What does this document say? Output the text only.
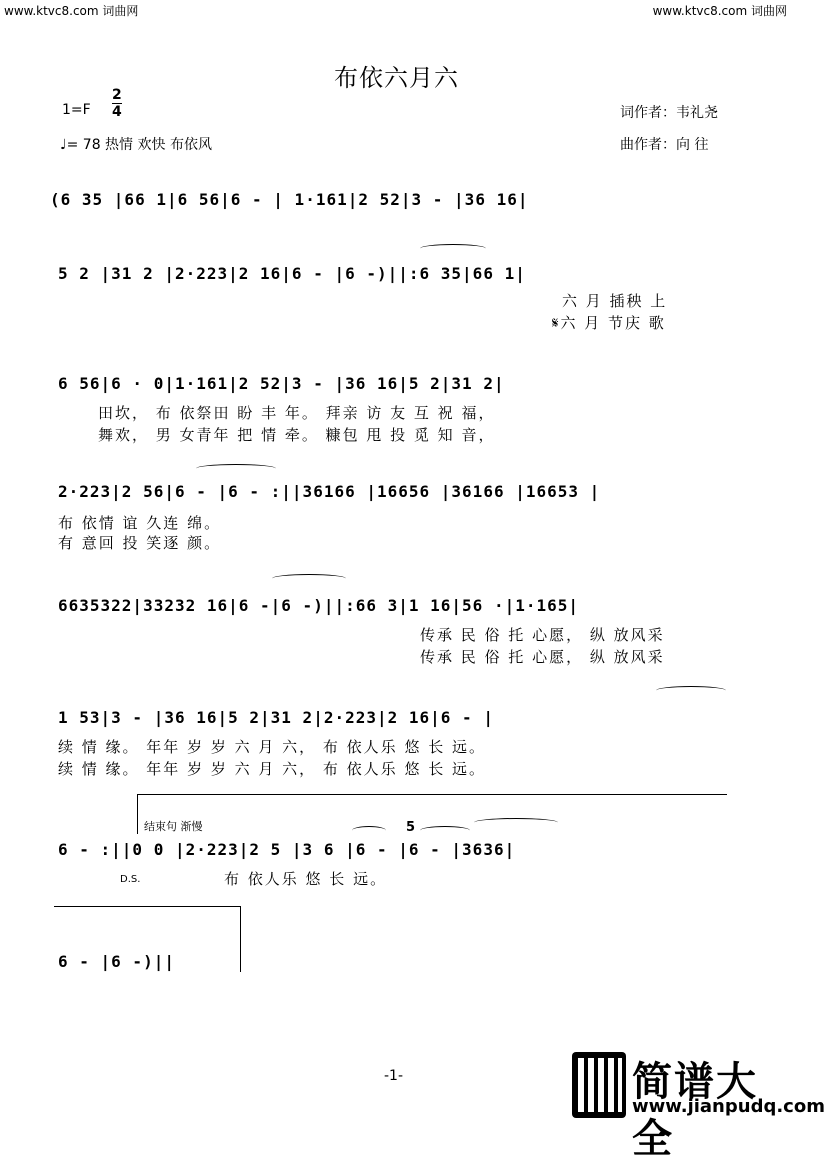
www.ktvc8.com 词曲网	www.ktvc8.com 词曲网
布依六月六
1=F
2
4
♩= 78 热情 欢快 布依风
词作者：韦礼尧
曲作者：向 往
(6 35 |66 1|6 56|6 - | 1·161|2 52|3 - |36 16|
5 2 |31 2 |2·223|2 16|6 - |6 -)||:6 35|66 1|
六 月 插秧 上
𝄋六 月 节庆 歌
6 56|6 · 0|1·161|2 52|3 - |36 16|5 2|31 2|
田坎， 布 依祭田 盼 丰 年。 拜亲 访 友 互 祝 福，
舞欢， 男 女青年 把 情 牵。 糠包 甩 投 觅 知 音，
2·223|2 56|6 - |6 - :||36166 |16656 |36166 |16653 |
布 依情 谊 久连 绵。
有 意回 投 笑逐 颜。
6635322|33232 16|6 -|6 -)||:66 3|1 16|56 ·|1·165|
传承 民 俗 托 心愿， 纵 放风采
传承 民 俗 托 心愿， 纵 放风采
1 53|3 - |36 16|5 2|31 2|2·223|2 16|6 - |
续 情 缘。 年年 岁 岁 六 月 六， 布 依人乐 悠 长 远。
续 情 缘。 年年 岁 岁 六 月 六， 布 依人乐 悠 长 远。
结束句 渐慢
6 - :||0 0 |2·223|2 5 |3 6 |6 - |6 - |3636|
5
D.S.	布 依人乐 悠 长 远。
6 - |6 -)||
-1-	简谱大全
www.jianpudq.com
